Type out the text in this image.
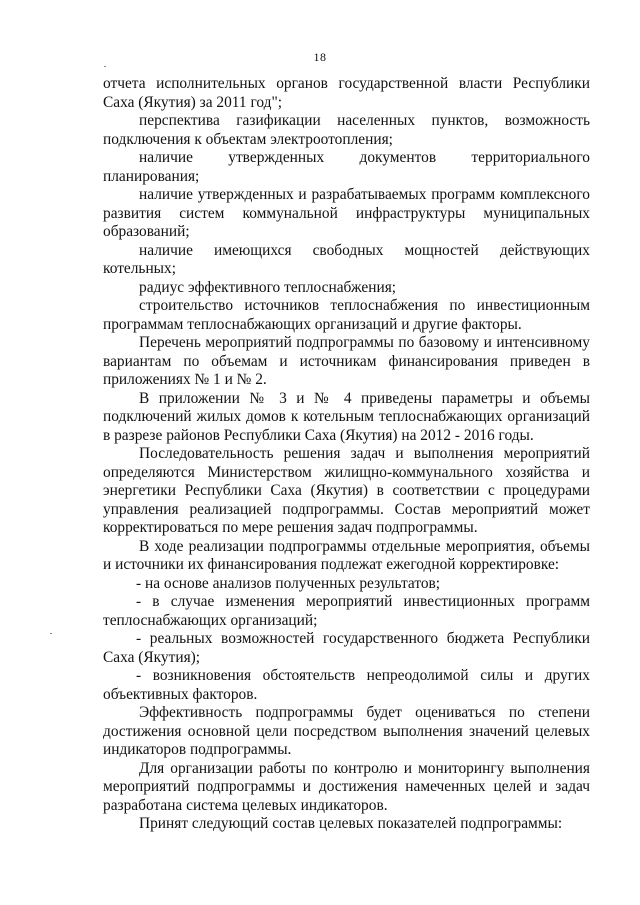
18

отчета исполнительных органов государственной власти Республики Саха (Якутия) за 2011 год";

перспектива газификации населенных пунктов, возможность подключения к объектам электроотопления;

наличие утвержденных документов территориального планирования;

наличие утвержденных и разрабатываемых программ комплексного развития систем коммунальной инфраструктуры муниципальных образований;

наличие имеющихся свободных мощностей действующих котельных;

радиус эффективного теплоснабжения;

строительство источников теплоснабжения по инвестиционным программам теплоснабжающих организаций и другие факторы.

Перечень мероприятий подпрограммы по базовому и интенсивному вариантам по объемам и источникам финансирования приведен в приложениях № 1 и № 2.

В приложении № 3 и № 4 приведены параметры и объемы подключений жилых домов к котельным теплоснабжающих организаций в разрезе районов Республики Саха (Якутия) на 2012 - 2016 годы.

Последовательность решения задач и выполнения мероприятий определяются Министерством жилищно-коммунального хозяйства и энергетики Республики Саха (Якутия) в соответствии с процедурами управления реализацией подпрограммы. Состав мероприятий может корректироваться по мере решения задач подпрограммы.

В ходе реализации подпрограммы отдельные мероприятия, объемы и источники их финансирования подлежат ежегодной корректировке:

- на основе анализов полученных результатов;

- в случае изменения мероприятий инвестиционных программ теплоснабжающих организаций;

- реальных возможностей государственного бюджета Республики Саха (Якутия);

- возникновения обстоятельств непреодолимой силы и других объективных факторов.

Эффективность подпрограммы будет оцениваться по степени достижения основной цели посредством выполнения значений целевых индикаторов подпрограммы.

Для организации работы по контролю и мониторингу выполнения мероприятий подпрограммы и достижения намеченных целей и задач разработана система целевых индикаторов.

Принят следующий состав целевых показателей подпрограммы:
